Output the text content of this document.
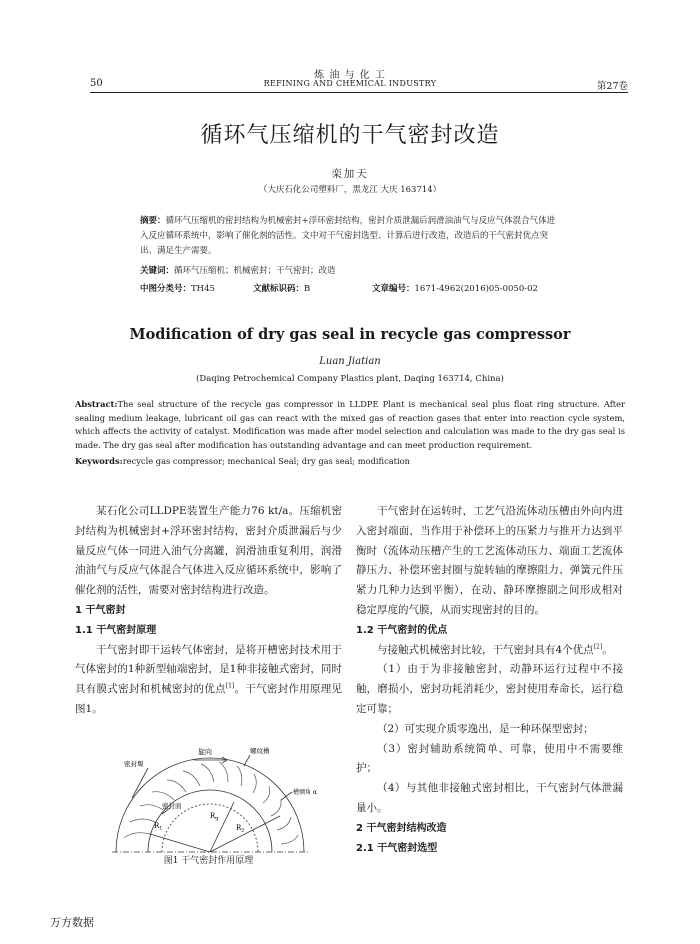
炼 油 与 化 工
REFINING AND CHEMICAL INDUSTRY
50	第27卷
循环气压缩机的干气密封改造
栾加天
（大庆石化公司塑料厂，黑龙江 大庆 163714）
摘要：循环气压缩机的密封结构为机械密封+浮环密封结构，密封介质泄漏后润滑油油气与反应气体混合气体进入反应循环系统中，影响了催化剂的活性。文中对干气密封选型、计算后进行改造，改造后的干气密封优点突出、满足生产需要。
关键词：循环气压缩机；机械密封；干气密封；改造
中图分类号：TH45	文献标识码：B	文章编号：1671-4962(2016)05-0050-02
Modification of dry gas seal in recycle gas compressor
Luan Jiatian
(Daqing Petrochemical Company Plastics plant, Daqing 163714, China)
Abstract:The seal structure of the recycle gas compressor in LLDPE Plant is mechanical seal plus float ring structure. After sealing medium leakage, lubricant oil gas can react with the mixed gas of reaction gases that enter into reaction cycle system, which affects the activity of catalyst. Modification was made after model selection and calculation was made to the dry gas seal is made. The dry gas seal after modification has outstanding advantage and can meet production requirement.
Keywords:recycle gas compressor; mechanical Seal; dry gas seal; modification

某石化公司LLDPE装置生产能力76 kt/a。压缩机密封结构为机械密封+浮环密封结构，密封介质泄漏后与少量反应气体一同进入油气分离罐，润滑油重复利用，润滑油油气与反应气体混合气体进入反应循环系统中，影响了催化剂的活性，需要对密封结构进行改造。

1 干气密封

1.1 干气密封原理

干气密封即干运转气体密封，是将开槽密封技术用于气体密封的1种新型轴端密封，是1种非接触式密封，同时具有膜式密封和机械密封的优点[1]。干气密封作用原理见图1。

旋向	螺纹槽
密封堰
槽倾角 α
密封面
$R_1$
$R_g$
$R_2$
图1 干气密封作用原理

干气密封在运转时，工艺气沿流体动压槽由外向内进入密封端面，当作用于补偿环上的压紧力与推开力达到平衡时（流体动压槽产生的工艺流体动压力、端面工艺流体静压力、补偿环密封圈与旋转轴的摩擦阻力、弹簧元件压紧力几种力达到平衡），在动、静环摩擦副之间形成相对稳定厚度的气膜，从而实现密封的目的。

1.2 干气密封的优点

与接触式机械密封比较，干气密封具有4个优点[2]。

（1）由于为非接触密封，动静环运行过程中不接触，磨损小，密封功耗消耗少，密封使用寿命长，运行稳定可靠；

（2）可实现介质零逸出，是一种环保型密封；

（3）密封辅助系统简单、可靠，使用中不需要维护；

（4）与其他非接触式密封相比，干气密封气体泄漏量小。

2 干气密封结构改造

2.1 干气密封选型

万方数据
